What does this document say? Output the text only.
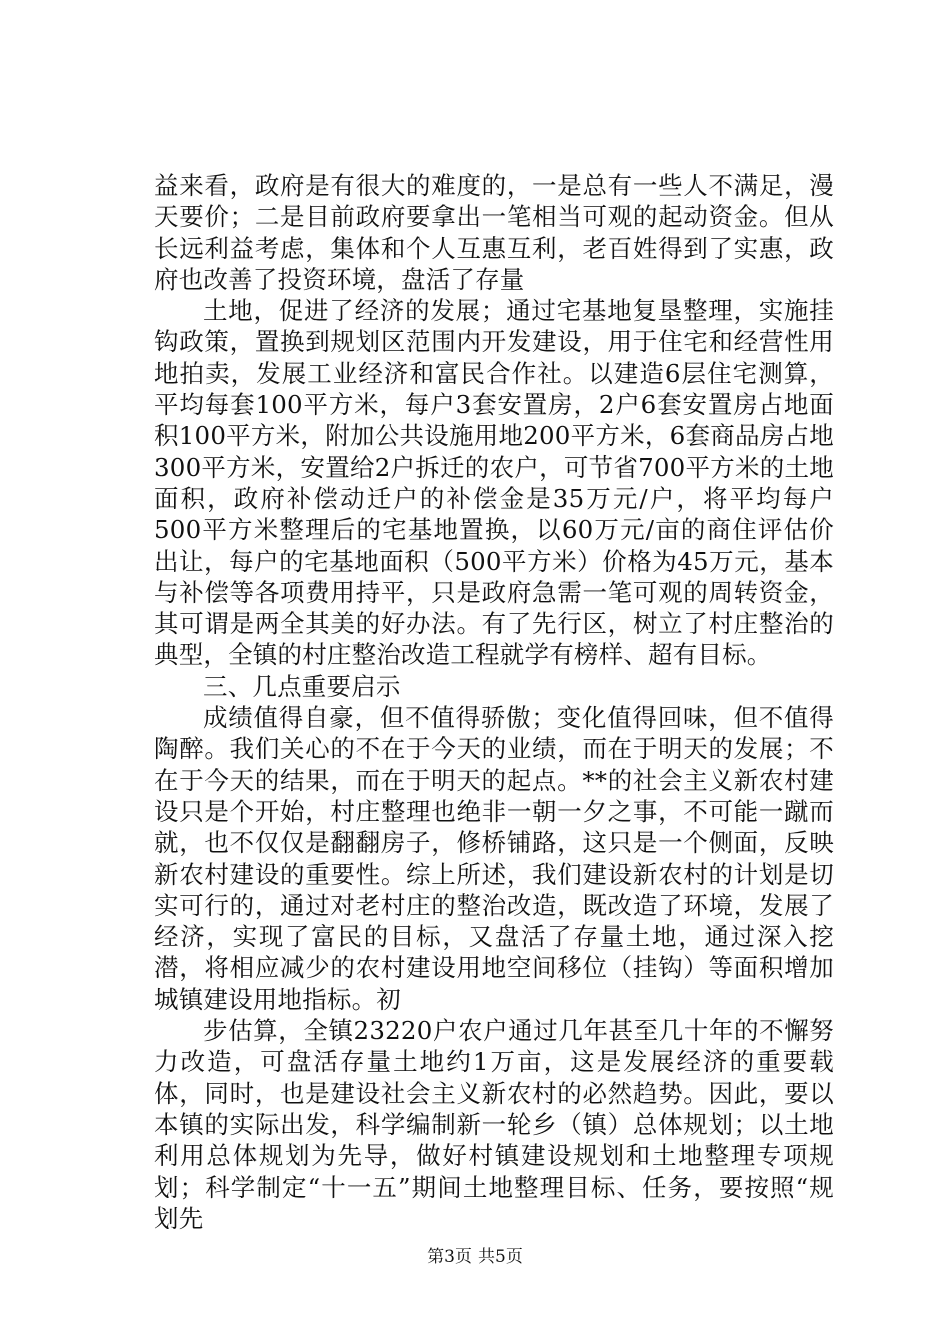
益来看，政府是有很大的难度的，一是总有一些人不满足，漫天要价；二是目前政府要拿出一笔相当可观的起动资金。但从长远利益考虑，集体和个人互惠互利，老百姓得到了实惠，政府也改善了投资环境，盘活了存量

土地，促进了经济的发展；通过宅基地复垦整理，实施挂钩政策，置换到规划区范围内开发建设，用于住宅和经营性用地拍卖，发展工业经济和富民合作社。以建造6层住宅测算，平均每套100平方米，每户3套安置房，2户6套安置房占地面积100平方米，附加公共设施用地200平方米，6套商品房占地300平方米，安置给2户拆迁的农户，可节省700平方米的土地面积，政府补偿动迁户的补偿金是35万元/户，将平均每户500平方米整理后的宅基地置换，以60万元/亩的商住评估价出让，每户的宅基地面积（500平方米）价格为45万元，基本与补偿等各项费用持平，只是政府急需一笔可观的周转资金，其可谓是两全其美的好办法。有了先行区，树立了村庄整治的典型，全镇的村庄整治改造工程就学有榜样、超有目标。

三、几点重要启示

成绩值得自豪，但不值得骄傲；变化值得回味，但不值得陶醉。我们关心的不在于今天的业绩，而在于明天的发展；不在于今天的结果，而在于明天的起点。**的社会主义新农村建设只是个开始，村庄整理也绝非一朝一夕之事，不可能一蹴而就，也不仅仅是翻翻房子，修桥铺路，这只是一个侧面，反映新农村建设的重要性。综上所述，我们建设新农村的计划是切实可行的，通过对老村庄的整治改造，既改造了环境，发展了经济，实现了富民的目标，又盘活了存量土地，通过深入挖潜，将相应减少的农村建设用地空间移位（挂钩）等面积增加城镇建设用地指标。初

步估算，全镇23220户农户通过几年甚至几十年的不懈努力改造，可盘活存量土地约1万亩，这是发展经济的重要载体，同时，也是建设社会主义新农村的必然趋势。因此，要以本镇的实际出发，科学编制新一轮乡（镇）总体规划；以土地利用总体规划为先导，做好村镇建设规划和土地整理专项规划；科学制定“十一五”期间土地整理目标、任务，要按照“规划先

第3页 共5页
